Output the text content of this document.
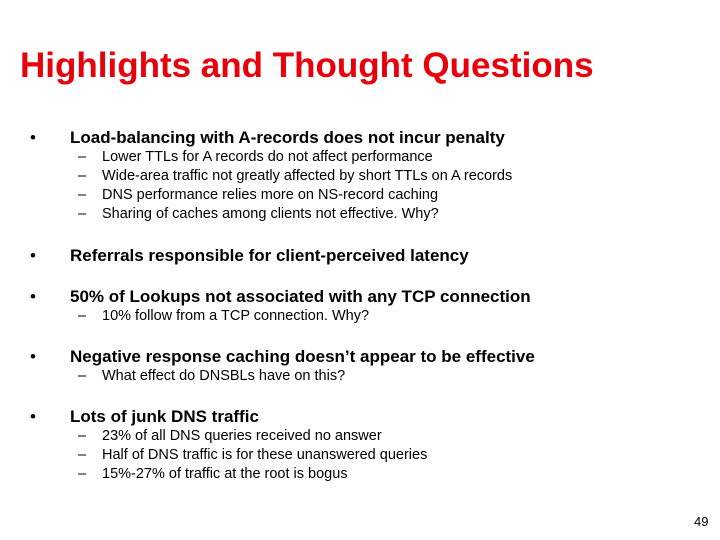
Highlights and Thought Questions
• Load-balancing with A-records does not incur penalty
– Lower TTLs for A records do not affect performance
– Wide-area traffic not greatly affected by short TTLs on A records
– DNS performance relies more on NS-record caching
– Sharing of caches among clients not effective. Why?
• Referrals responsible for client-perceived latency
• 50% of Lookups not associated with any TCP connection
– 10% follow from a TCP connection. Why?
• Negative response caching doesn’t appear to be effective
– What effect do DNSBLs have on this?
• Lots of junk DNS traffic
– 23% of all DNS queries received no answer
– Half of DNS traffic is for these unanswered queries
– 15%-27% of traffic at the root is bogus
49
